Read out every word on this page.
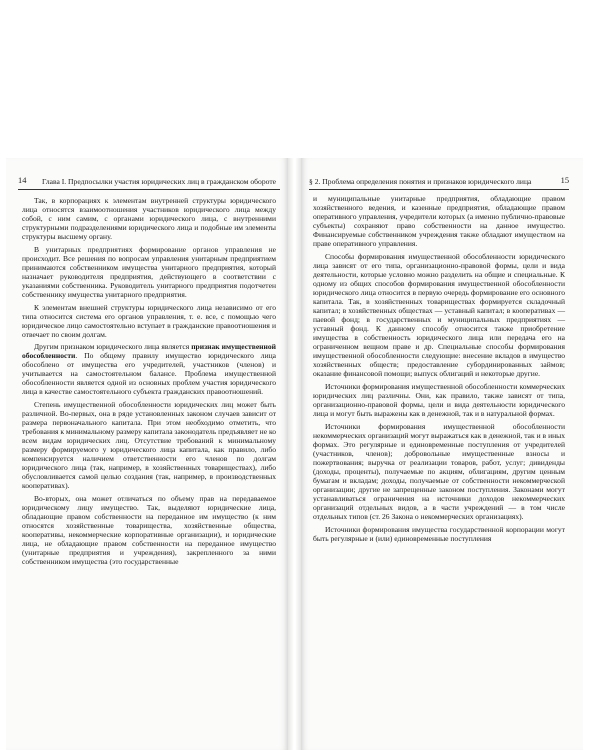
14 Глава I. Предпосылки участия юридических лиц в гражданском обороте

Так, в корпорациях к элементам внутренней структуры юридического лица относятся взаимоотношения участников юридического лица между собой, с ним самим, с органами юридического лица, с внутренними структурными подразделениями юридического лица и подобные им элементы структуры высшему органу.

В унитарных предприятиях формирование органов управления не происходит. Все решения по вопросам управления унитарным предприятием принимаются собственником имущества унитарного предприятия, который назначает руководителя предприятия, действующего в соответствии с указаниями собственника. Руководитель унитарного предприятия подотчетен собственнику имущества унитарного предприятия.

К элементам внешней структуры юридического лица независимо от его типа относится система его органов управления, т. е. все, с помощью чего юридическое лицо самостоятельно вступает в гражданские правоотношения и отвечает по своим долгам.

Другим признаком юридического лица является признак имущественной обособленности. По общему правилу имущество юридического лица обособлено от имущества его учредителей, участников (членов) и учитывается на самостоятельном балансе. Проблема имущественной обособленности является одной из основных проблем участия юридического лица в качестве самостоятельного субъекта гражданских правоотношений.

Степень имущественной обособленности юридических лиц может быть различной. Во-первых, она в ряде установленных законом случаев зависит от размера первоначального капитала. При этом необходимо отметить, что требования к минимальному размеру капитала законодатель предъявляет не ко всем видам юридических лиц. Отсутствие требований к минимальному размеру формируемого у юридического лица капитала, как правило, либо компенсируется наличием ответственности его членов по долгам юридического лица (так, например, в хозяйственных товариществах), либо обусловливается самой целью создания (так, например, в производственных кооперативах).

Во-вторых, она может отличаться по объему прав на передаваемое юридическому лицу имущество. Так, выделяют юридические лица, обладающие правом собственности на переданное им имущество (к ним относятся хозяйственные товарищества, хозяйственные общества, кооперативы, некоммерческие корпоративные организации), и юридические лица, не обладающие правом собственности на переданное имущество (унитарные предприятия и учреждения), закрепленного за ними собственником имущества (это государственные

§ 2. Проблема определения понятия и признаков юридического лица	15

и муниципальные унитарные предприятия, обладающие правом хозяйственного ведения, и казенные предприятия, обладающие правом оперативного управления, учредители которых (а именно публично-правовые субъекты) сохраняют право собственности на данное имущество. Финансируемые собственником учреждения также обладают имуществом на праве оперативного управления.

Способы формирования имущественной обособленности юридического лица зависят от его типа, организационно-правовой формы, цели и вида деятельности, которые условно можно разделить на общие и специальные. К одному из общих способов формирования имущественной обособленности юридического лица относится в первую очередь формирование его основного капитала. Так, в хозяйственных товариществах формируется складочный капитал; в хозяйственных обществах — уставный капитал; в кооперативах — паевой фонд; в государственных и муниципальных предприятиях — уставный фонд. К данному способу относится также приобретение имущества в собственность юридического лица или передача его на ограниченном вещном праве и др. Специальные способы формирования имущественной обособленности следующие: внесение вкладов в имущество хозяйственных обществ; предоставление субординированных займов; оказание финансовой помощи; выпуск облигаций и некоторые другие.

Источники формирования имущественной обособленности коммерческих юридических лиц различны. Они, как правило, также зависят от типа, организационно-правовой формы, цели и вида деятельности юридического лица и могут быть выражены как в денежной, так и в натуральной формах.

Источники формирования имущественной обособленности некоммерческих организаций могут выражаться как в денежной, так и в иных формах. Это регулярные и единовременные поступления от учредителей (участников, членов); добровольные имущественные взносы и пожертвования; выручка от реализации товаров, работ, услуг; дивиденды (доходы, проценты), получаемые по акциям, облигациям, другим ценным бумагам и вкладам; доходы, получаемые от собственности некоммерческой организации; другие не запрещенные законом поступления. Законами могут устанавливаться ограничения на источники доходов некоммерческих организаций отдельных видов, а в части учреждений — в том числе отдельных типов (ст. 26 Закона о некоммерческих организациях).

Источники формирования имущества государственной корпорации могут быть регулярные и (или) единовременные поступления
